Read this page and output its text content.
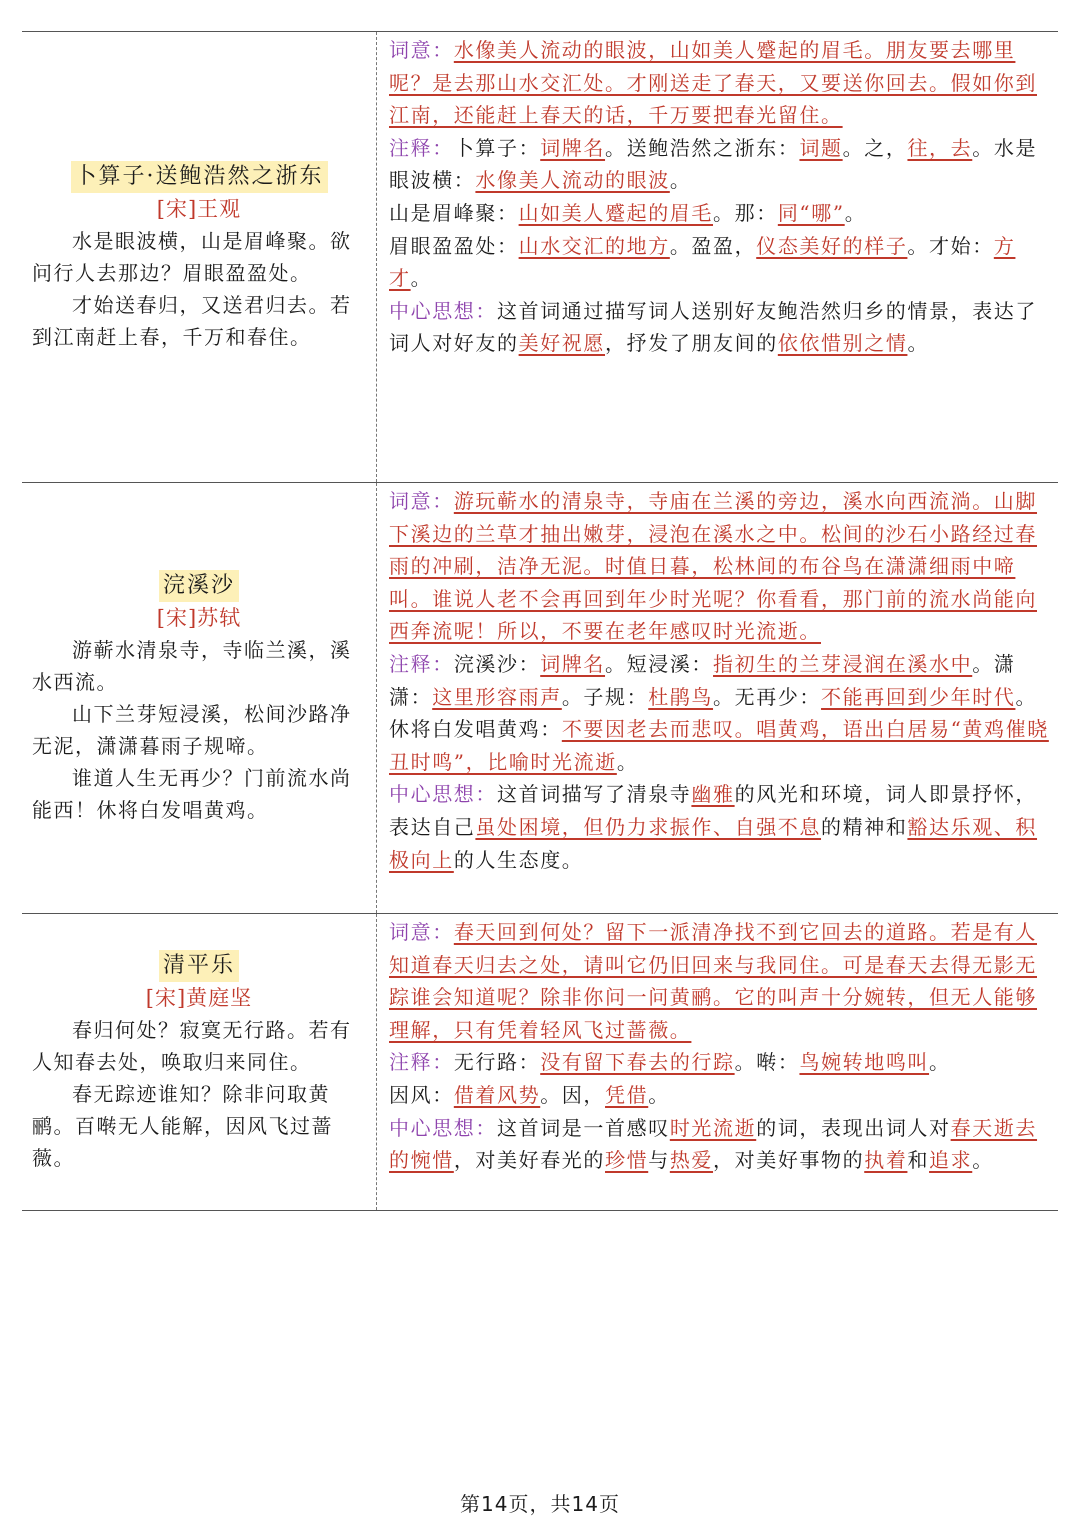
卜算子·送鲍浩然之浙东
[宋]王观

水是眼波横，山是眉峰聚。欲问行人去那边？眉眼盈盈处。

才始送春归，又送君归去。若到江南赶上春，千万和春住。

词意：水像美人流动的眼波，山如美人蹙起的眉毛。朋友要去哪里呢？是去那山水交汇处。才刚送走了春天，又要送你回去。假如你到江南，还能赶上春天的话，千万要把春光留住。

注释：卜算子：词牌名。送鲍浩然之浙东：词题。之，往，去。水是眼波横：水像美人流动的眼波。
山是眉峰聚：山如美人蹙起的眉毛。那：同“哪”。
眉眼盈盈处：山水交汇的地方。盈盈，仪态美好的样子。才始：方才。

中心思想：这首词通过描写词人送别好友鲍浩然归乡的情景，表达了词人对好友的美好祝愿，抒发了朋友间的依依惜别之情。

浣溪沙
[宋]苏轼

游蕲水清泉寺，寺临兰溪，溪水西流。

山下兰芽短浸溪，松间沙路净无泥，潇潇暮雨子规啼。

谁道人生无再少？门前流水尚能西！休将白发唱黄鸡。

词意：游玩蕲水的清泉寺，寺庙在兰溪的旁边，溪水向西流淌。山脚下溪边的兰草才抽出嫩芽，浸泡在溪水之中。松间的沙石小路经过春雨的冲刷，洁净无泥。时值日暮，松林间的布谷鸟在潇潇细雨中啼叫。谁说人老不会再回到年少时光呢？你看看，那门前的流水尚能向西奔流呢！所以，不要在老年感叹时光流逝。

注释：浣溪沙：词牌名。短浸溪：指初生的兰芽浸润在溪水中。潇潇：这里形容雨声。子规：杜鹃鸟。无再少：不能再回到少年时代。休将白发唱黄鸡：不要因老去而悲叹。唱黄鸡，语出白居易“黄鸡催晓丑时鸣”，比喻时光流逝。

中心思想：这首词描写了清泉寺幽雅的风光和环境，词人即景抒怀，表达自己虽处困境，但仍力求振作、自强不息的精神和豁达乐观、积极向上的人生态度。

清平乐
[宋]黄庭坚

春归何处？寂寞无行路。若有人知春去处，唤取归来同住。

春无踪迹谁知？除非问取黄鹂。百啭无人能解，因风飞过蔷薇。

词意：春天回到何处？留下一派清净找不到它回去的道路。若是有人知道春天归去之处，请叫它仍旧回来与我同住。可是春天去得无影无踪谁会知道呢？除非你问一问黄鹂。它的叫声十分婉转，但无人能够理解，只有凭着轻风飞过蔷薇。

注释：无行路：没有留下春去的行踪。啭：鸟婉转地鸣叫。
因风：借着风势。因，凭借。

中心思想：这首词是一首感叹时光流逝的词，表现出词人对春天逝去的惋惜，对美好春光的珍惜与热爱，对美好事物的执着和追求。

第14页，共14页
